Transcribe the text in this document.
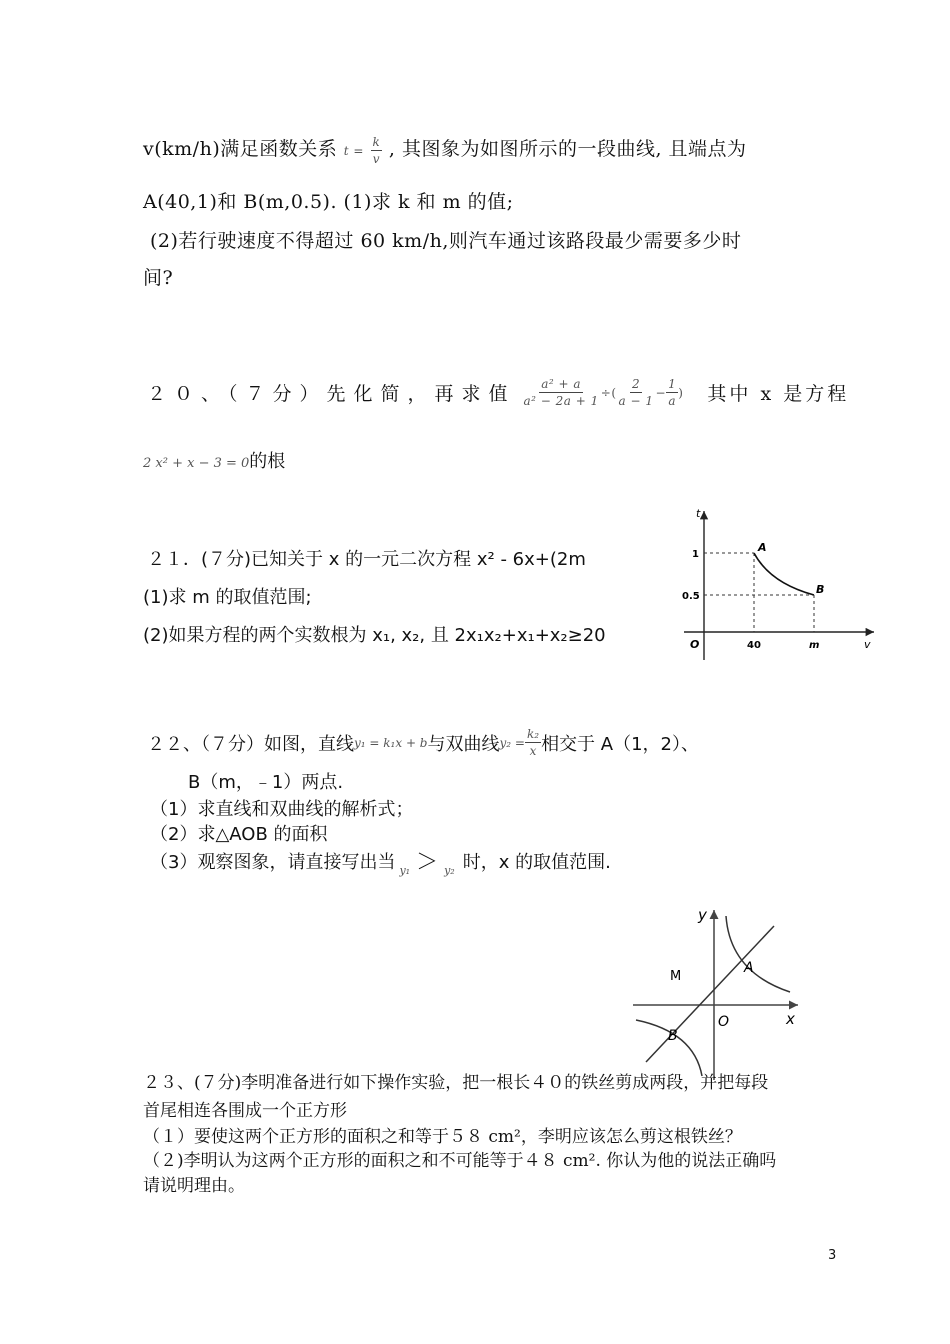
v(km/h)满足函数关系 $t = \frac{k}{v}$ , 其图象为如图所示的一段曲线, 且端点为
A(40,1)和 B(m,0.5). (1)求 k 和 m 的值;
(2)若行驶速度不得超过 60 km/h,则汽车通过该路段最少需要多少时
间?
２０、（７分）先化简，再求值 $\frac{\text{a² + a}}{\text{a² − 2a + 1}}$ ÷( $\frac{2}{a - 1} - \frac{1}{a}$ ) 其中 x 是方程
2 x² + x − 3 = 0的根
２１．(７分)已知关于 x 的一元二次方程 x² - 6x+(2m
(1)求 m 的取值范围;
(2)如果方程的两个实数根为 x₁, x₂, 且 2x₁x₂+x₁+x₂≥20
t
v
O
1
0.5
40	m
A
B
２２、（７分）如图，直线 y₁ = k₁x + b 与双曲线 $y_2 = \frac{\text{k₂}}{x}$ 相交于 A（1，2）、
B（m，﹣1）两点.
（1）求直线和双曲线的解析式；
（2）求△AOB 的面积
（3）观察图象，请直接写出当 y₁ ＞ y₂ 时，x 的取值范围.
y
x
O
A
B
M
２３、(７分)李明准备进行如下操作实验，把一根长４０的铁丝剪成两段，并把每段
首尾相连各围成一个正方形
（１）要使这两个正方形的面积之和等于５８ cm²，李明应该怎么剪这根铁丝？
（２)李明认为这两个正方形的面积之和不可能等于４８ cm². 你认为他的说法正确吗
请说明理由。
3
